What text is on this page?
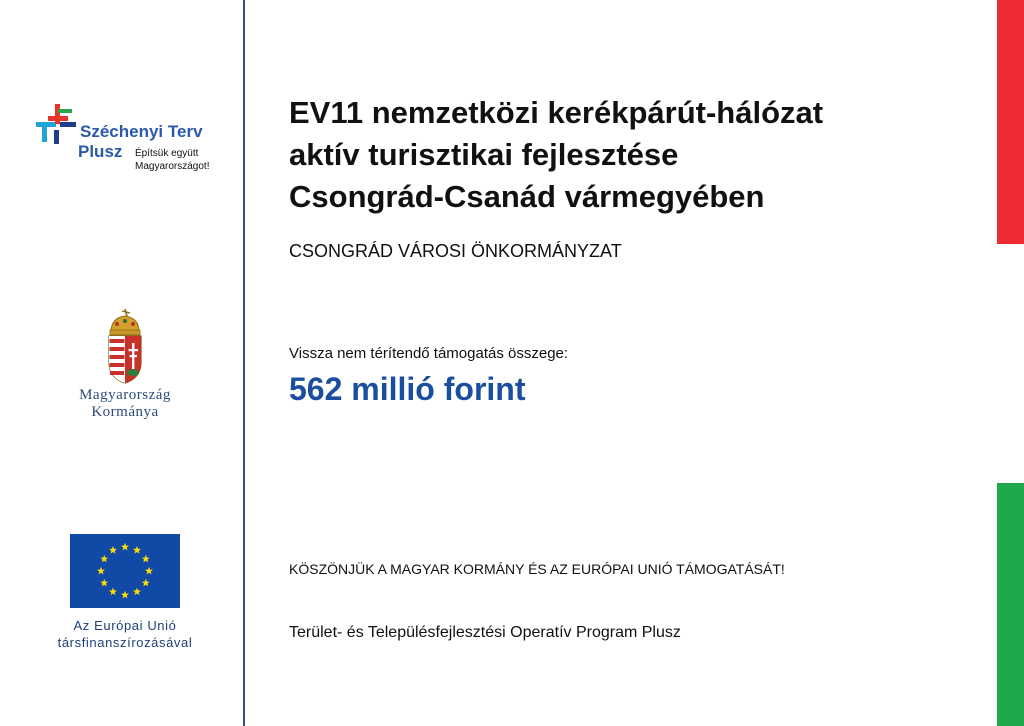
Széchenyi Terv
Plusz Építsük együtt
Magyarországot!
Magyarország
Kormánya
Az Európai Unió
társfinanszírozásával
EV11 nemzetközi kerékpárút-hálózat
aktív turisztikai fejlesztése
Csongrád-Csanád vármegyében
CSONGRÁD VÁROSI ÖNKORMÁNYZAT
Vissza nem térítendő támogatás összege:
562 millió forint
KÖSZÖNJÜK A MAGYAR KORMÁNY ÉS AZ EURÓPAI UNIÓ TÁMOGATÁSÁT!
Terület- és Településfejlesztési Operatív Program Plusz
